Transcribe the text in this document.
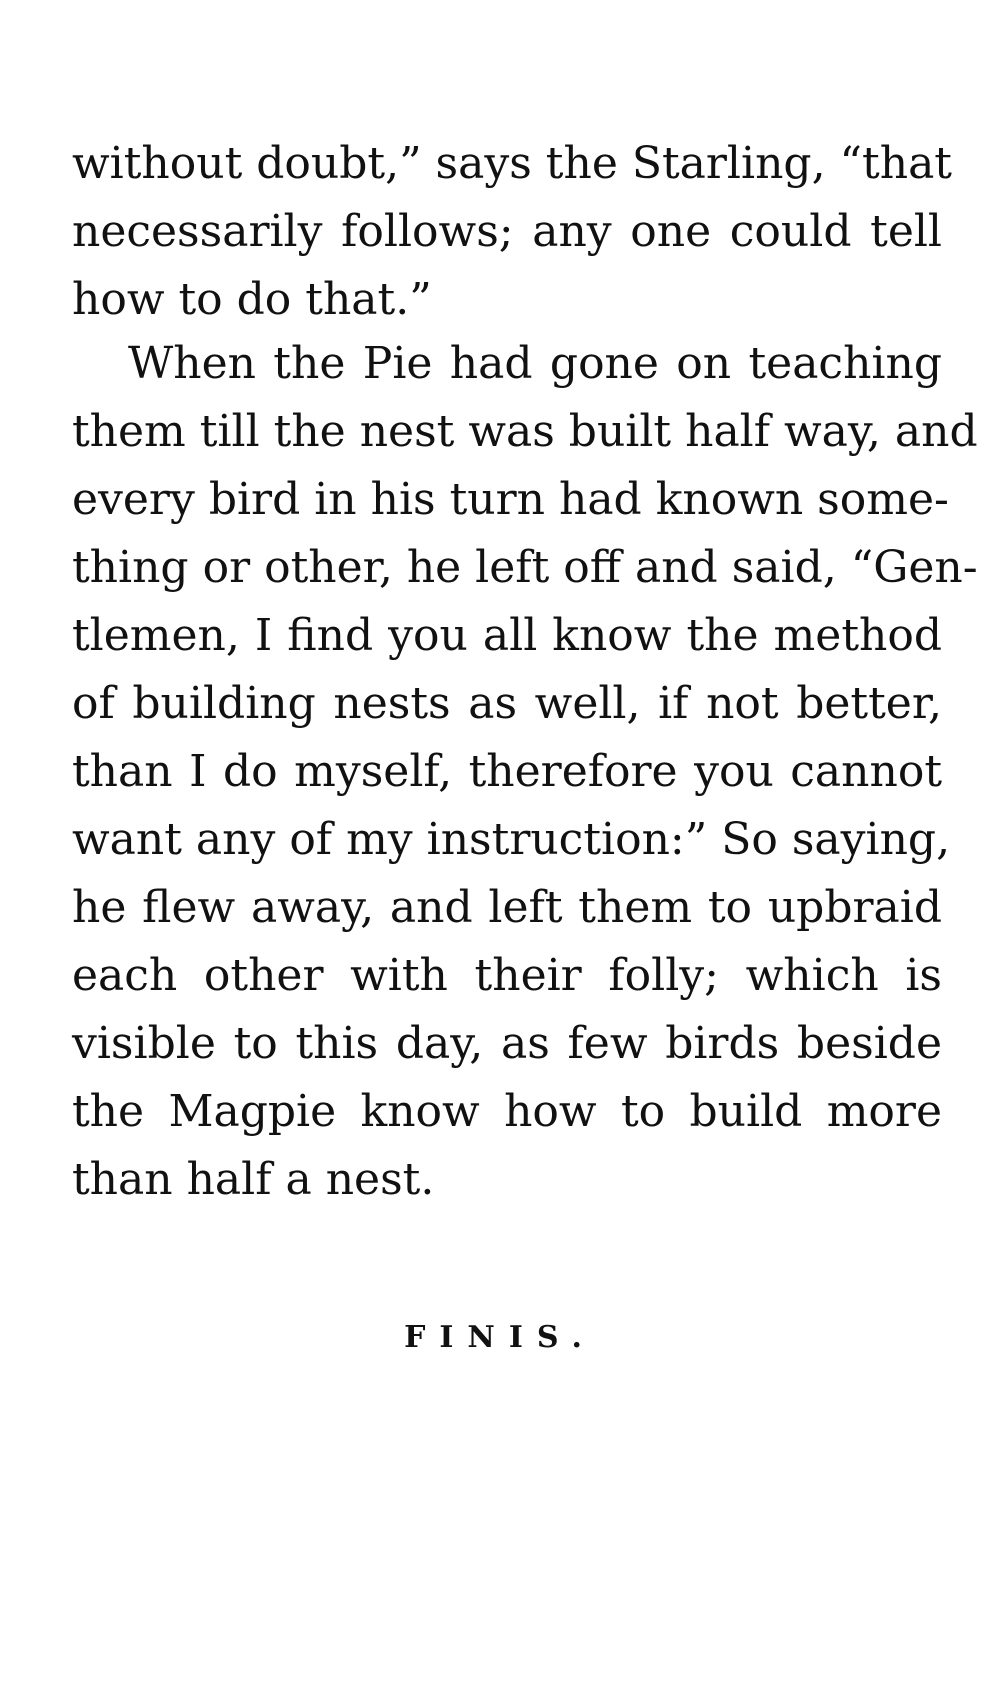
without doubt,” says the Starling, “that
necessarily follows; any one could tell
how to do that.”
When the Pie had gone on teaching
them till the nest was built half way, and
every bird in his turn had known some-
thing or other, he left off and said, “Gen-
tlemen, I find you all know the method
of building nests as well, if not better,
than I do myself, therefore you cannot
want any of my instruction:” So saying,
he flew away, and left them to upbraid
each other with their folly; which is
visible to this day, as few birds beside
the Magpie know how to build more
than half a nest.
FINIS.
